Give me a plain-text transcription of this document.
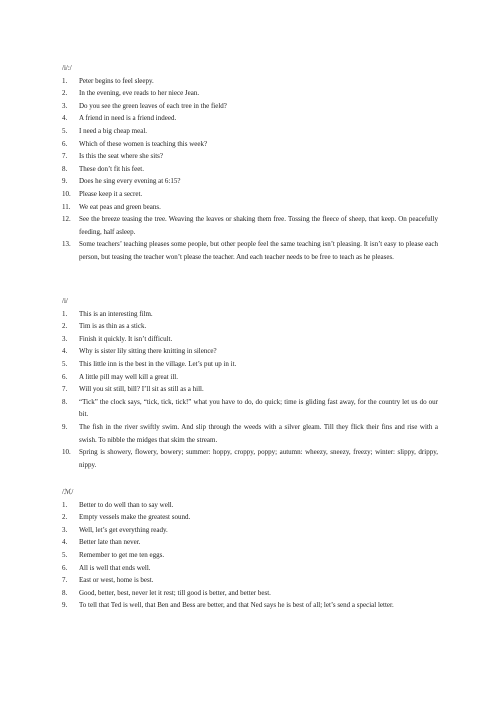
/i/:/
1. Peter begins to feel sleepy.
2. In the evening, eve reads to her niece Jean.
3. Do you see the green leaves of each tree in the field?
4. A friend in need is a friend indeed.
5. I need a big cheap meal.
6. Which of these women is teaching this week?
7. Is this the seat where she sits?
8. These don’t fit his feet.
9. Does he sing every evening at 6:15?
10. Please keep it a secret.
11. We eat peas and green beans.
12. See the breeze teasing the tree. Weaving the leaves or shaking them free. Tossing the fleece of sheep, that keep. On peacefully feeding, half asleep.
13. Some teachers’ teaching pleases some people, but other people feel the same teaching isn’t pleasing. It isn’t easy to please each person, but teasing the teacher won’t please the teacher. And each teacher needs to be free to teach as he pleases.
/i/
1. This is an interesting film.
2. Tim is as thin as a stick.
3. Finish it quickly. It isn’t difficult.
4. Why is sister lily sitting there knitting in silence?
5. This little inn is the best in the village. Let’s put up in it.
6. A little pill may well kill a great ill.
7. Will you sit still, bill? I’ll sit as still as a hill.
8. “Tick” the clock says, “tick, tick, tick!” what you have to do, do quick; time is gliding fast away, for the country let us do our bit.
9. The fish in the river swiftly swim. And slip through the weeds with a silver gleam. Till they flick their fins and rise with a swish. To nibble the midges that skim the stream.
10. Spring is showery, flowery, bowery; summer: hoppy, croppy, poppy; autumn: wheezy, sneezy, freezy; winter: slippy, drippy, nippy.
/ℳ/
1. Better to do well than to say well.
2. Empty vessels make the greatest sound.
3. Well, let’s get everything ready.
4. Better late than never.
5. Remember to get me ten eggs.
6. All is well that ends well.
7. East or west, home is best.
8. Good, better, best, never let it rest; till good is better, and better best.
9. To tell that Ted is well, that Ben and Bess are better, and that Ned says he is best of all; let’s send a special letter.
